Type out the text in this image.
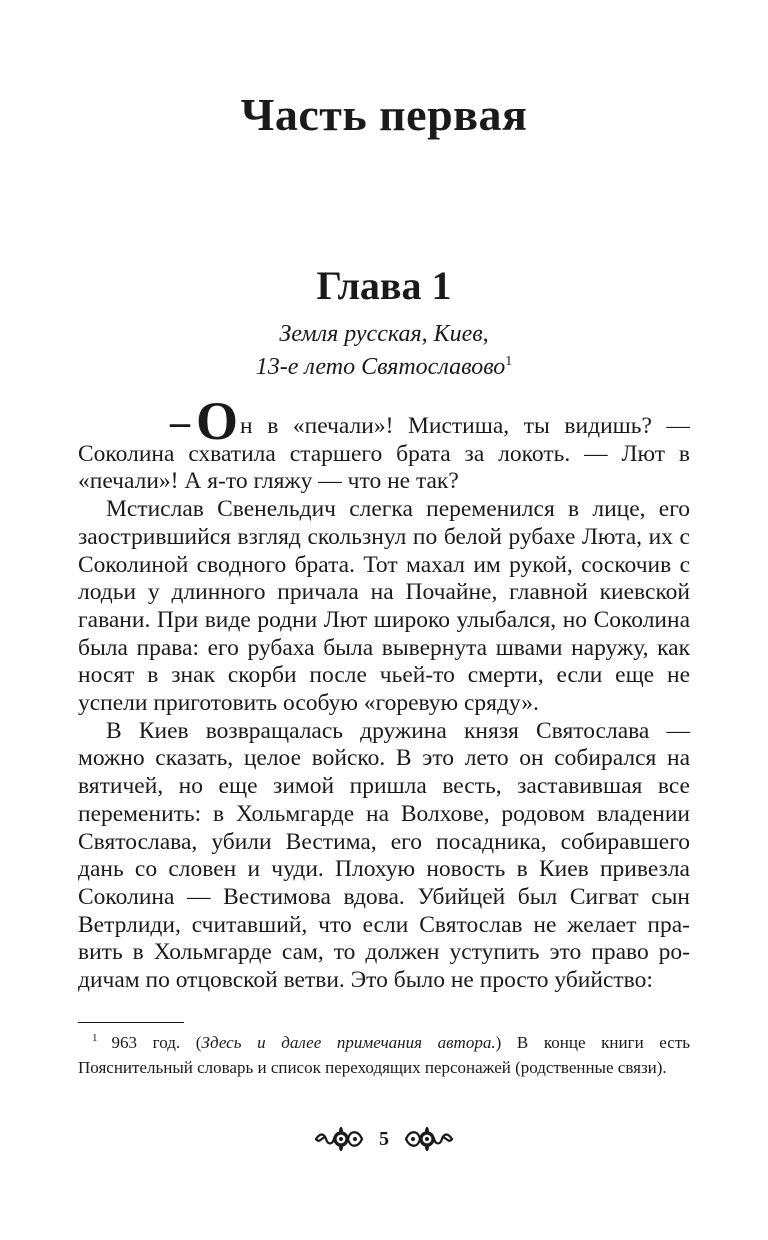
Часть первая
Глава 1
Земля русская, Киев,
13-е лето Святославово$^1$

– Он в «печали»! Мистиша, ты видишь? — Соколина схватила старшего брата за локоть. — Лют в «печали»! А я-то гляжу — что не так?

Мстислав Свенельдич слегка переменился в лице, его заострившийся взгляд скользнул по белой рубахе Люта, их с Соколиной сводного брата. Тот махал им рукой, соскочив с лодьи у длинного причала на Почайне, главной киевской гавани. При виде родни Лют широко улыбался, но Соколина была права: его рубаха была вывернута швами наружу, как носят в знак скорби после чьей-то смерти, если еще не успели приготовить особую «горевую сряду».

В Киев возвращалась дружина князя Святослава — можно сказать, целое войско. В это лето он собирался на вятичей, но еще зимой пришла весть, заставившая все переменить: в Хольмгарде на Волхове, родовом владении Святослава, убили Вестима, его посадника, собиравшего дань со словен и чуди. Плохую новость в Киев привезла Соколина — Вестимова вдова. Убийцей был Сигват сын Ветрлиди, считавший, что если Святослав не желает править в Хольмгарде сам, то должен уступить это право родичам по отцовской ветви. Это было не просто убийство:

$^1$ 963 год. (Здесь и далее примечания автора.) В конце книги есть Пояснительный словарь и список переходящих персонажей (родственные связи).
5
